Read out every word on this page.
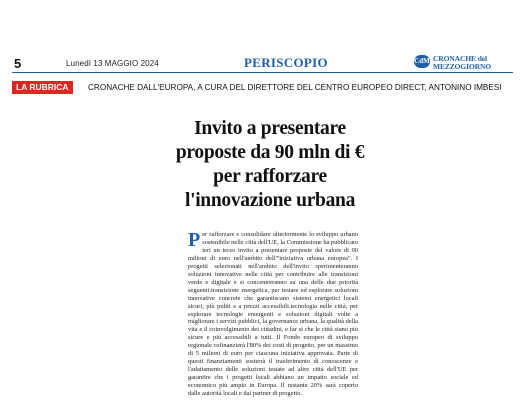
5	Lunedì 13 MAGGIO 2024	PERISCOPIO	CdM CRONACHE del
MEZZOGIORNO
LA RUBRICA	CRONACHE DALL'EUROPA, A CURA DEL DIRETTORE DEL CENTRO EUROPEO DIRECT, ANTONINO IMBESI
Invito a presentare
proposte da 90 mln di €
per rafforzare
l'innovazione urbana
Per rafforzare e consolidare ulteriormente lo sviluppo urbano sostenibile nelle città dell'UE, la Commissione ha pubblicato ieri un terzo invito a presentare proposte del valore di 90 milioni di euro nell'ambito dell'"iniziativa urbana europea". I progetti selezionati nell'ambito dell'invito sperimenteranno soluzioni innovative nelle città per contribuire alle transizioni verde e digitale e si concentreranno su una delle due priorità seguenti:transizione energetica, per testare ed esplorare soluzioni innovative concrete che garantiscano sistemi energetici locali sicuri, più puliti e a prezzi accessibili.tecnologia nelle città, per esplorare tecnologie emergenti e soluzioni digitali volte a migliorare i servizi pubblici, la governance urbana, la qualità della vita e il coinvolgimento dei cittadini, e far sì che le città siano più sicure e più accessibili a tutti. Il Fondo europeo di sviluppo regionale cofinanzierà l'80% dei costi di progetto, per un massimo di 5 milioni di euro per ciascuna iniziativa approvata. Parte di questi finanziamenti sosterrà il trasferimento di conoscenze e l'adattamento delle soluzioni testate ad altre città dell'UE per garantire che i progetti locali abbiano un impatto sociale ed economico più ampio in Europa. Il restante 20% sarà coperto dalle autorità locali e dai partner di progetto.
